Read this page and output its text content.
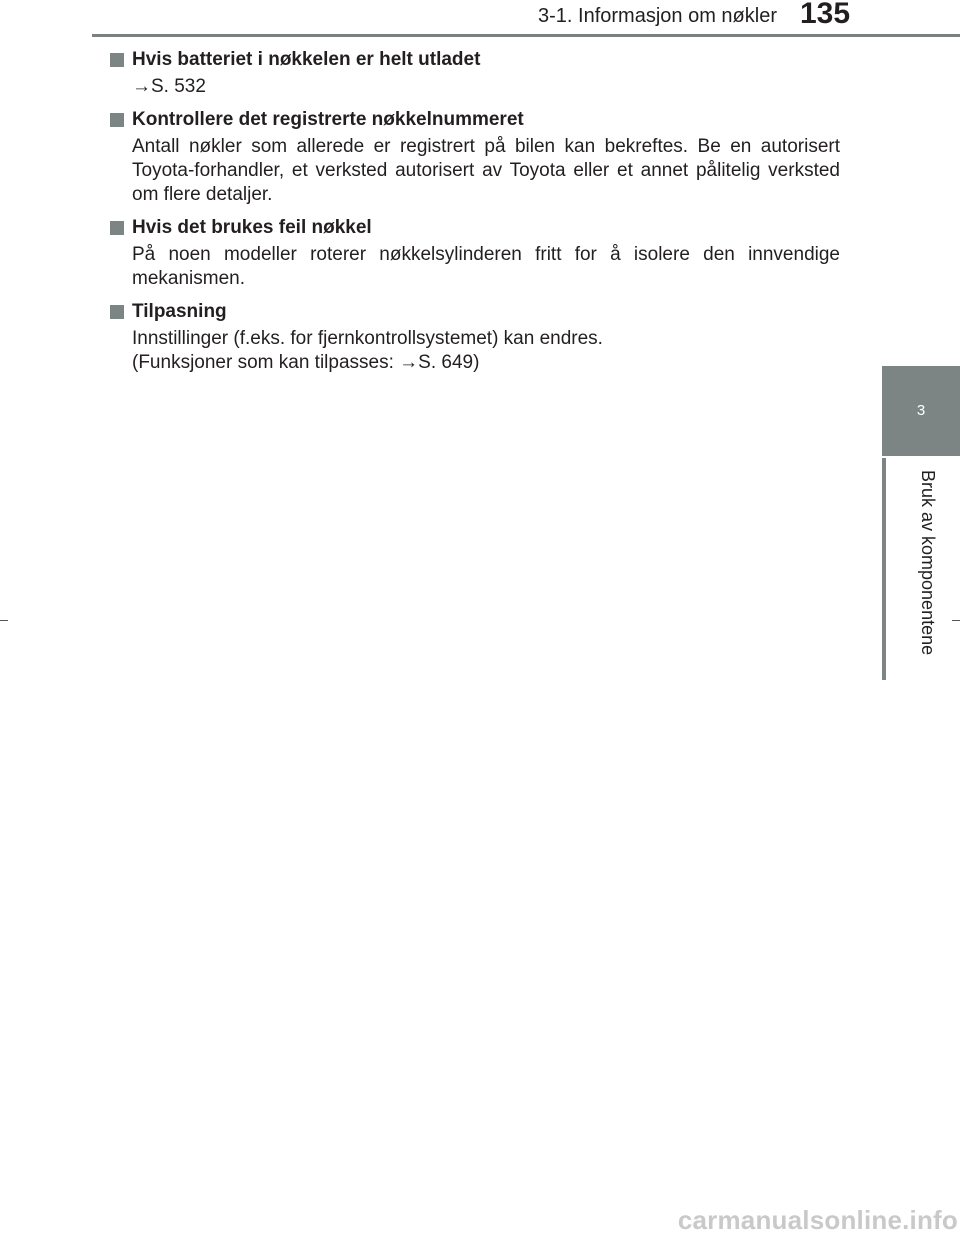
3-1. Informasjon om nøkler 135
3
Bruk av komponentene
Hvis batteriet i nøkkelen er helt utladet
→S. 532
Kontrollere det registrerte nøkkelnummeret
Antall nøkler som allerede er registrert på bilen kan bekreftes. Be en autorisert Toyota-forhandler, et verksted autorisert av Toyota eller et annet pålitelig verksted om flere detaljer.
Hvis det brukes feil nøkkel
På noen modeller roterer nøkkelsylinderen fritt for å isolere den innvendige mekanismen.
Tilpasning
Innstillinger (f.eks. for fjernkontrollsystemet) kan endres.
(Funksjoner som kan tilpasses: →S. 649)
carmanualsonline.info
